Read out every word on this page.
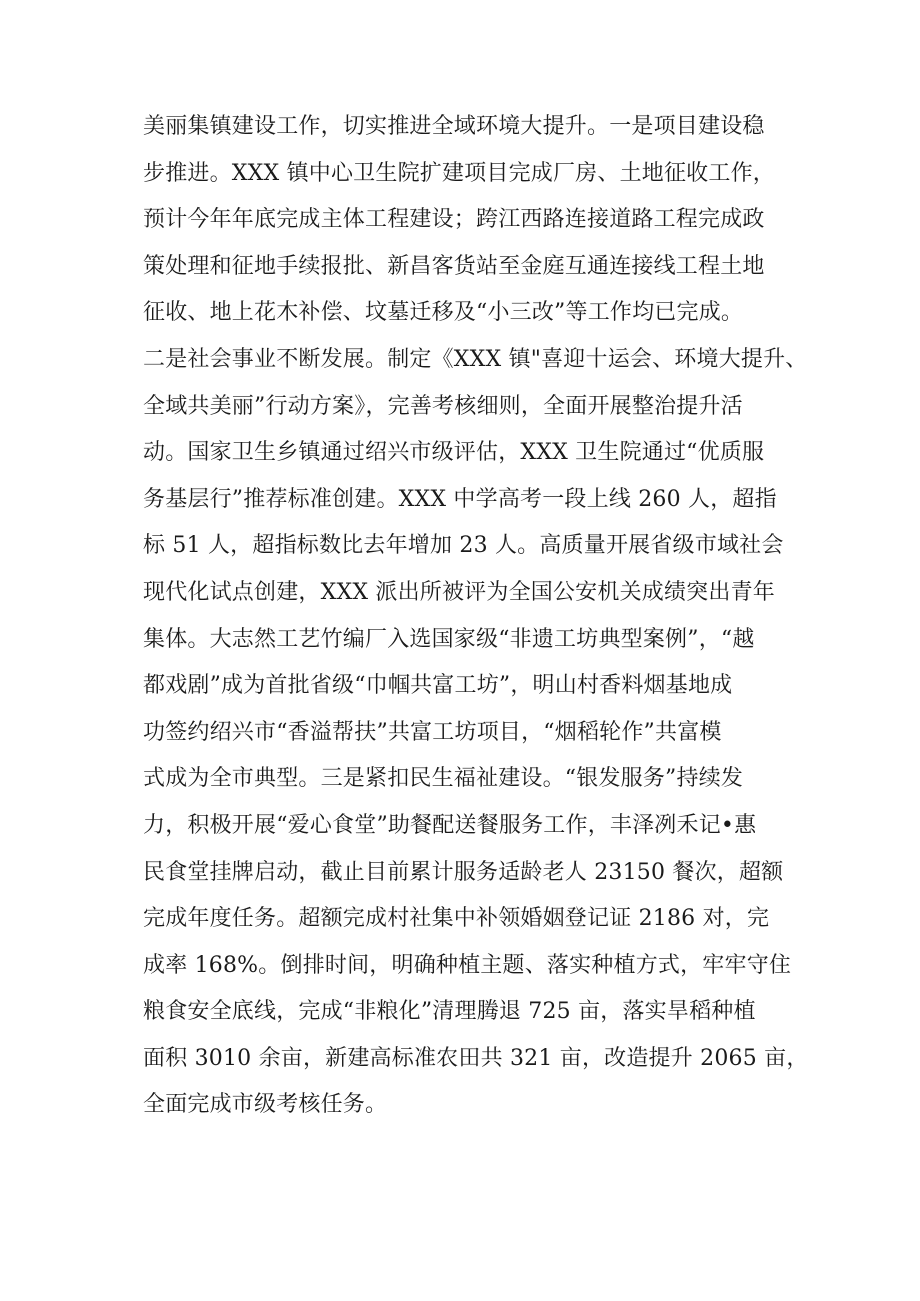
美丽集镇建设工作，切实推进全域环境大提升。一是项目建设稳
步推进。XXX 镇中心卫生院扩建项目完成厂房、土地征收工作，
预计今年年底完成主体工程建设；跨江西路连接道路工程完成政
策处理和征地手续报批、新昌客货站至金庭互通连接线工程土地
征收、地上花木补偿、坟墓迁移及“小三改”等工作均已完成。
二是社会事业不断发展。制定《XXX 镇"喜迎十运会、环境大提升、
全域共美丽”行动方案》，完善考核细则，全面开展整治提升活
动。国家卫生乡镇通过绍兴市级评估，XXX 卫生院通过“优质服
务基层行”推荐标准创建。XXX 中学高考一段上线 260 人，超指
标 51 人，超指标数比去年增加 23 人。高质量开展省级市域社会
现代化试点创建，XXX 派出所被评为全国公安机关成绩突出青年
集体。大志然工艺竹编厂入选国家级“非遗工坊典型案例”，“越
都戏剧”成为首批省级“巾帼共富工坊”，明山村香料烟基地成
功签约绍兴市“香溢帮扶”共富工坊项目，“烟稻轮作”共富模
式成为全市典型。三是紧扣民生福祉建设。“银发服务”持续发
力，积极开展“爱心食堂”助餐配送餐服务工作，丰泽冽禾记•惠
民食堂挂牌启动，截止目前累计服务适龄老人 23150 餐次，超额
完成年度任务。超额完成村社集中补领婚姻登记证 2186 对，完
成率 168%。倒排时间，明确种植主题、落实种植方式，牢牢守住
粮食安全底线，完成“非粮化”清理腾退 725 亩，落实旱稻种植
面积 3010 余亩，新建高标准农田共 321 亩，改造提升 2065 亩，
全面完成市级考核任务。
